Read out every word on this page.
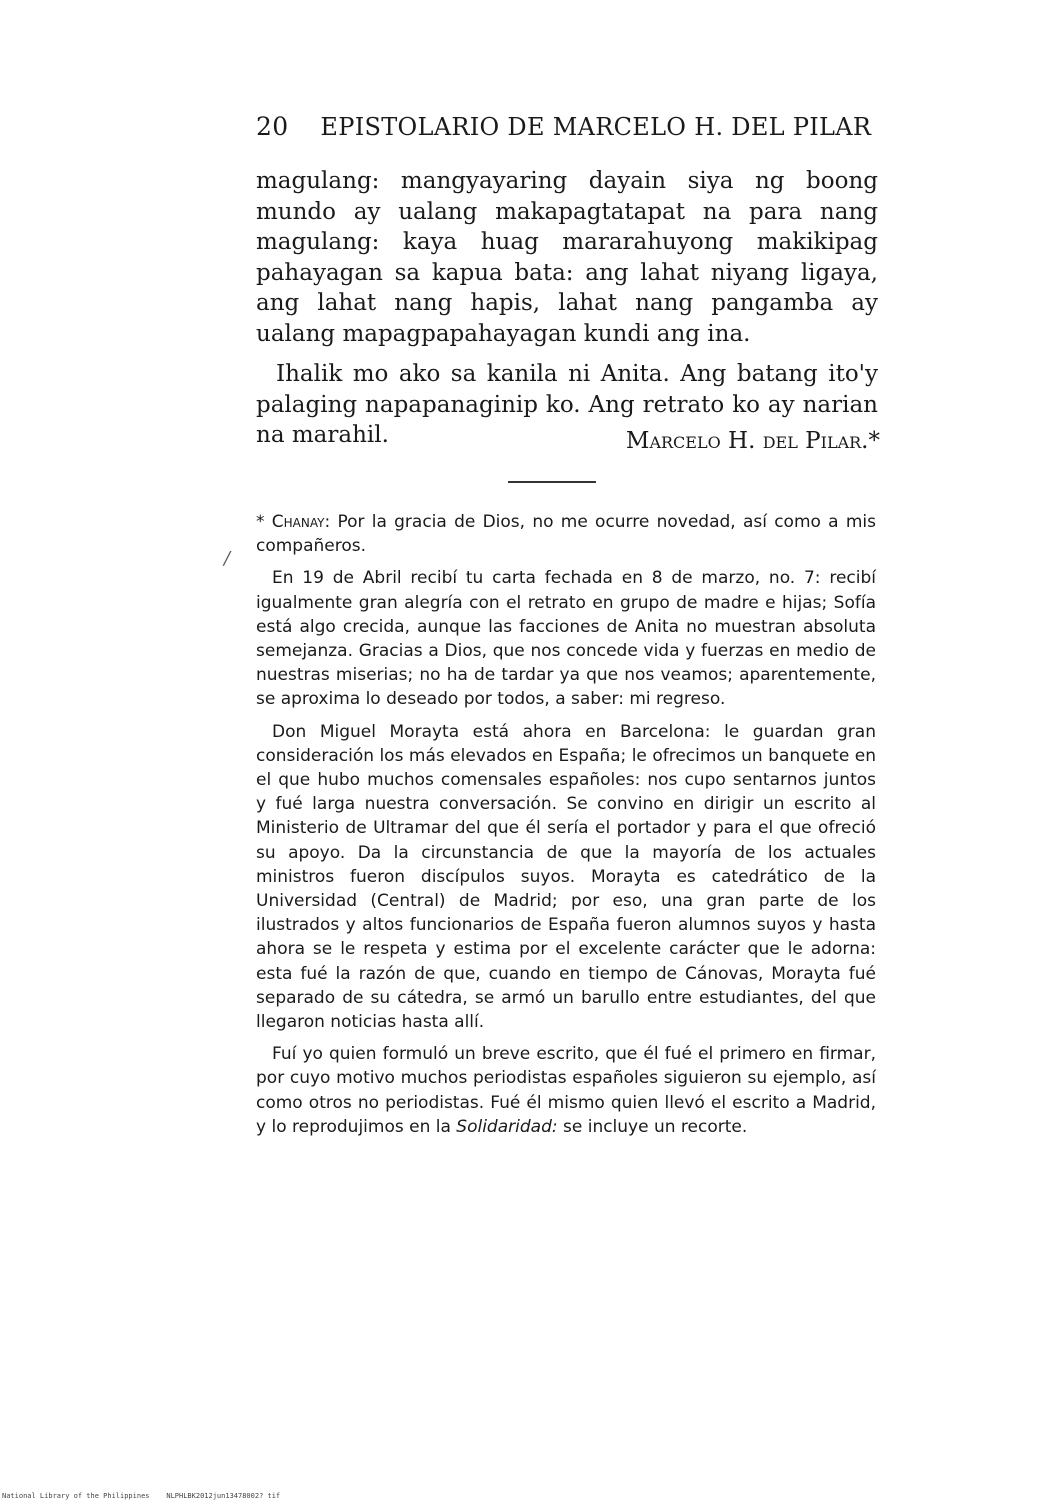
20 EPISTOLARIO DE MARCELO H. DEL PILAR

magulang: mangyayaring dayain siya ng boong mundo ay ualang makapagtatapat na para nang magulang: kaya huag mararahuyong makikipag pahayagan sa kapua bata: ang lahat niyang ligaya, ang lahat nang hapis, lahat nang pangamba ay ualang mapagpapahayagan kundi ang ina.

Ihalik mo ako sa kanila ni Anita. Ang batang ito'y palaging napapanaginip ko. Ang retrato ko ay narian na marahil.	Marcelo H. del Pilar.*
/

* Chanay: Por la gracia de Dios, no me ocurre novedad, así como a mis compañeros.

En 19 de Abril recibí tu carta fechada en 8 de marzo, no. 7: recibí igualmente gran alegría con el retrato en grupo de madre e hijas; Sofía está algo crecida, aunque las facciones de Anita no muestran absoluta semejanza. Gracias a Dios, que nos concede vida y fuerzas en medio de nuestras miserias; no ha de tardar ya que nos veamos; aparentemente, se aproxima lo deseado por todos, a saber: mi regreso.

Don Miguel Morayta está ahora en Barcelona: le guardan gran consideración los más elevados en España; le ofrecimos un banquete en el que hubo muchos comensales españoles: nos cupo sentarnos juntos y fué larga nuestra conversación. Se convino en dirigir un escrito al Ministerio de Ultramar del que él sería el portador y para el que ofreció su apoyo. Da la circunstancia de que la mayoría de los actuales ministros fueron discípulos suyos. Morayta es catedrático de la Universidad (Central) de Madrid; por eso, una gran parte de los ilustrados y altos funcionarios de España fueron alumnos suyos y hasta ahora se le respeta y estima por el excelente carácter que le adorna: esta fué la razón de que, cuando en tiempo de Cánovas, Morayta fué separado de su cátedra, se armó un barullo entre estudiantes, del que llegaron noticias hasta allí.

Fuí yo quien formuló un breve escrito, que él fué el primero en firmar, por cuyo motivo muchos periodistas españoles siguieron su ejemplo, así como otros no periodistas. Fué él mismo quien llevó el escrito a Madrid, y lo reprodujimos en la Solidaridad: se incluye un recorte.

National Library of the Philippines    NLPHLBK2012jun13478002? tif
